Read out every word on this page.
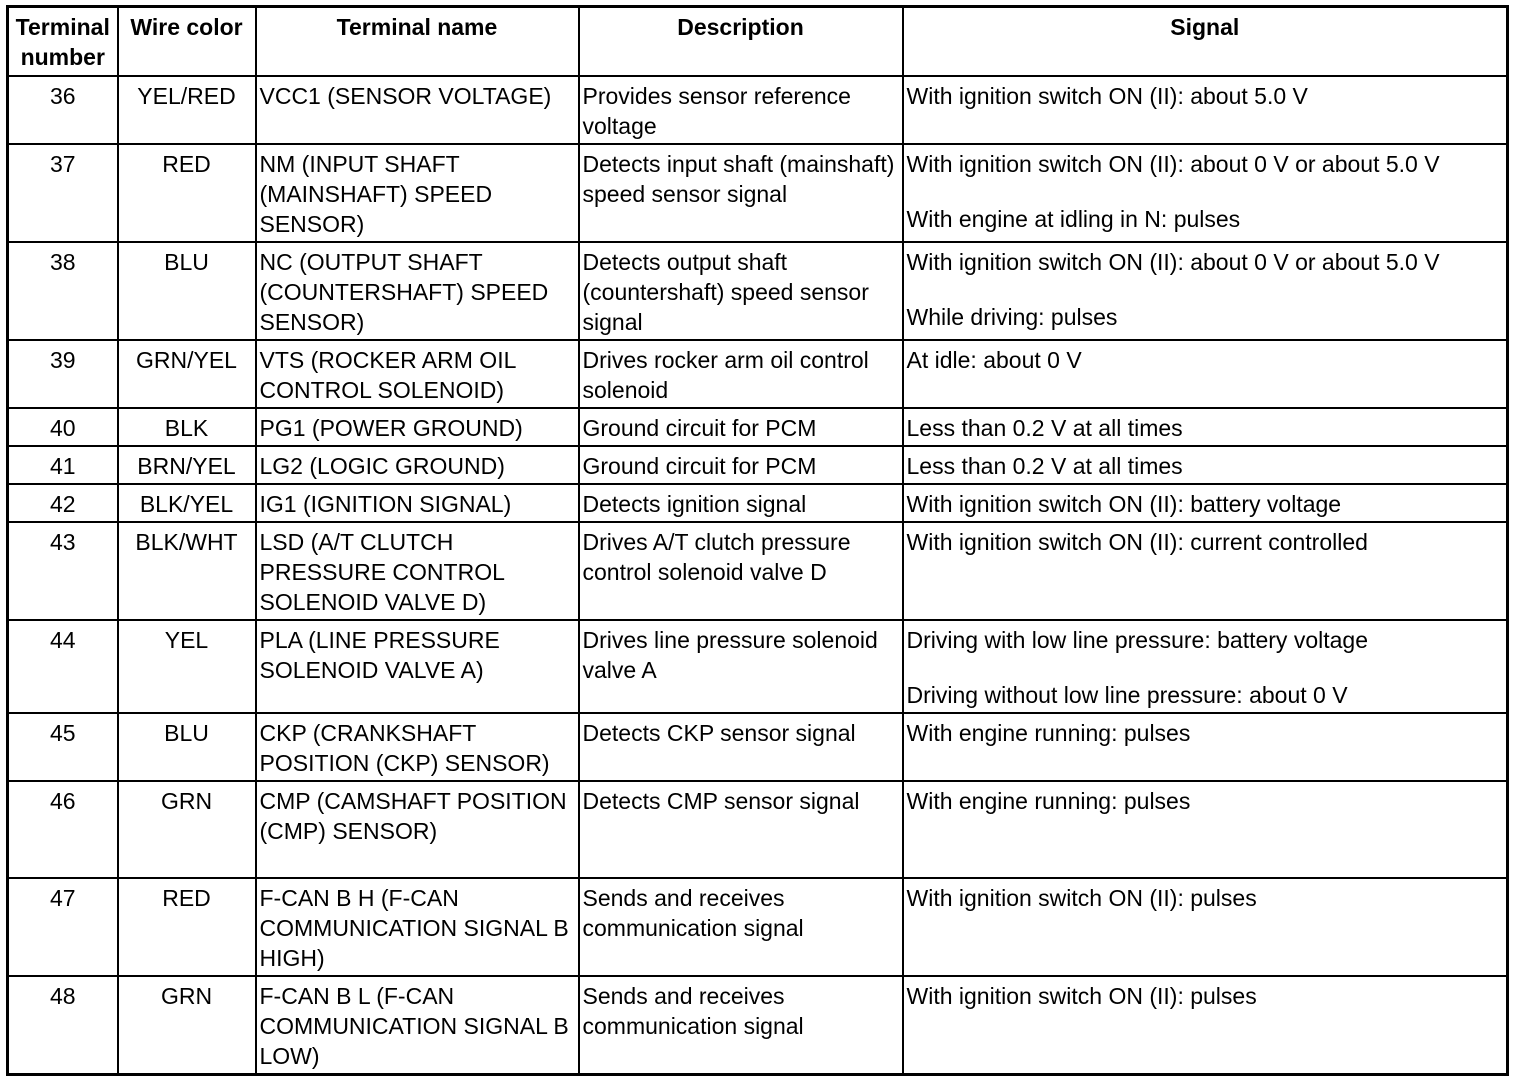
Terminal number	Wire color	Terminal name	Description	Signal
36	YEL/RED	VCC1 (SENSOR VOLTAGE)	Provides sensor reference voltage	With ignition switch ON (II): about 5.0 V

37	RED	NM (INPUT SHAFT (MAINSHAFT) SPEED SENSOR)	Detects input shaft (mainshaft) speed sensor signal	With ignition switch ON (II): about 0 V or about 5.0 V
With engine at idling in N: pulses

38	BLU	NC (OUTPUT SHAFT (COUNTERSHAFT) SPEED SENSOR)	Detects output shaft (countershaft) speed sensor signal	With ignition switch ON (II): about 0 V or about 5.0 V
While driving: pulses

39	GRN/YEL	VTS (ROCKER ARM OIL CONTROL SOLENOID)	Drives rocker arm oil control solenoid	At idle: about 0 V

40	BLK	PG1 (POWER GROUND)	Ground circuit for PCM	Less than 0.2 V at all times

41	BRN/YEL	LG2 (LOGIC GROUND)	Ground circuit for PCM	Less than 0.2 V at all times

42	BLK/YEL	IG1 (IGNITION SIGNAL)	Detects ignition signal	With ignition switch ON (II): battery voltage

43	BLK/WHT	LSD (A/T CLUTCH PRESSURE CONTROL SOLENOID VALVE D)	Drives A/T clutch pressure control solenoid valve D	With ignition switch ON (II): current controlled

44	YEL	PLA (LINE PRESSURE SOLENOID VALVE A)	Drives line pressure solenoid valve A	Driving with low line pressure: battery voltage
Driving without low line pressure: about 0 V

45	BLU	CKP (CRANKSHAFT POSITION (CKP) SENSOR)	Detects CKP sensor signal	With engine running: pulses

46	GRN	CMP (CAMSHAFT POSITION (CMP) SENSOR)	Detects CMP sensor signal	With engine running: pulses

47	RED	F-CAN B H (F-CAN COMMUNICATION SIGNAL B HIGH)	Sends and receives communication signal	With ignition switch ON (II): pulses

48	GRN	F-CAN B L (F-CAN COMMUNICATION SIGNAL B LOW)	Sends and receives communication signal	With ignition switch ON (II): pulses
